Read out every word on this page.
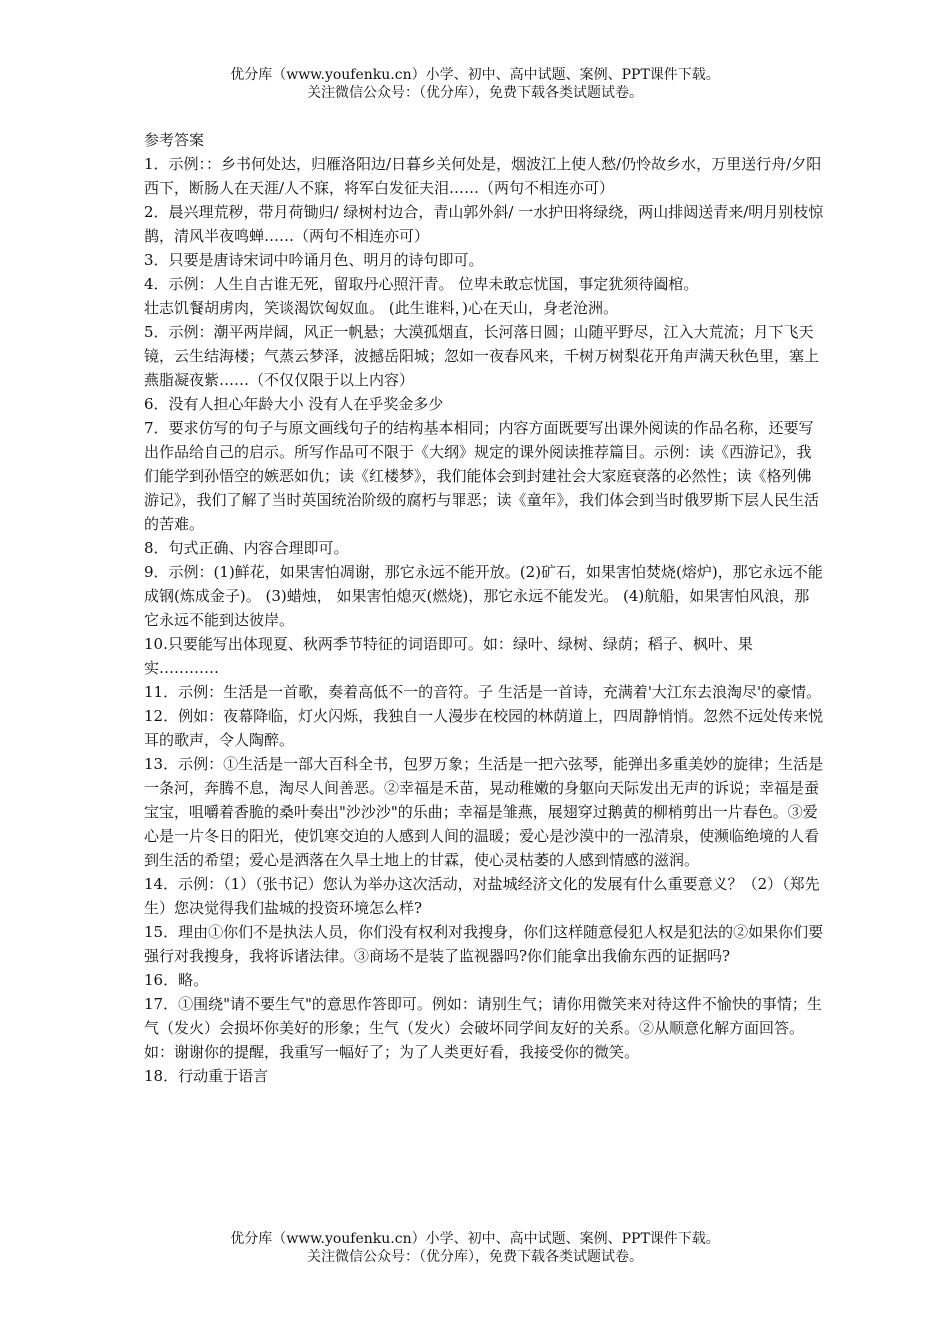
优分库（www.youfenku.cn）小学、初中、高中试题、案例、PPT课件下载。
关注微信公众号：（优分库），免费下载各类试题试卷。

参考答案

1．示例：：乡书何处达，归雁洛阳边/日暮乡关何处是，烟波江上使人愁/仍怜故乡水，万里送行舟/夕阳西下，断肠人在天涯/人不寐，将军白发征夫泪……（两句不相连亦可）

2．晨兴理荒秽，带月荷锄归/ 绿树村边合，青山郭外斜/ 一水护田将绿绕，两山排闼送青来/明月别枝惊鹊，清风半夜鸣蝉……（两句不相连亦可）

3．只要是唐诗宋词中吟诵月色、明月的诗句即可。

4．示例：人生自古谁无死，留取丹心照汗青。 位卑未敢忘忧国，事定犹须待阖棺。

壮志饥餐胡虏肉，笑谈渴饮匈奴血。 (此生谁料，)心在天山，身老沧洲。

5．示例：潮平两岸阔，风正一帆悬；大漠孤烟直，长河落日圆；山随平野尽，江入大荒流；月下飞天镜，云生结海楼；气蒸云梦泽，波撼岳阳城；忽如一夜春风来，千树万树梨花开角声满天秋色里，塞上燕脂凝夜紫……（不仅仅限于以上内容）

6．没有人担心年龄大小 没有人在乎奖金多少

7．要求仿写的句子与原文画线句子的结构基本相同；内容方面既要写出课外阅读的作品名称，还要写出作品给自己的启示。所写作品可不限于《大纲》规定的课外阅读推荐篇目。示例：读《西游记》，我们能学到孙悟空的嫉恶如仇；读《红楼梦》，我们能体会到封建社会大家庭衰落的必然性；读《格列佛游记》，我们了解了当时英国统治阶级的腐朽与罪恶；读《童年》，我们体会到当时俄罗斯下层人民生活的苦难。

8．句式正确、内容合理即可。

9．示例：(1)鲜花，如果害怕凋谢，那它永远不能开放。(2)矿石，如果害怕焚烧(熔炉)，那它永远不能成钢(炼成金子)。 (3)蜡烛， 如果害怕熄灭(燃烧)，那它永远不能发光。 (4)航船，如果害怕风浪，那它永远不能到达彼岸。

10.只要能写出体现夏、秋两季节特征的词语即可。如：绿叶、绿树、绿荫；稻子、枫叶、果实…………

11．示例：生活是一首歌，奏着高低不一的音符。子 生活是一首诗，充满着'大江东去浪淘尽'的豪情。

12．例如：夜幕降临，灯火闪烁，我独自一人漫步在校园的林荫道上，四周静悄悄。忽然不远处传来悦耳的歌声，令人陶醉。

13．示例：①生活是一部大百科全书，包罗万象；生活是一把六弦琴，能弹出多重美妙的旋律；生活是一条河，奔腾不息，淘尽人间善恶。②幸福是禾苗，晃动稚嫩的身躯向天际发出无声的诉说；幸福是蚕宝宝，咀嚼着香脆的桑叶奏出"沙沙沙"的乐曲；幸福是雏燕，展翅穿过鹅黄的柳梢剪出一片春色。③爱心是一片冬日的阳光，使饥寒交迫的人感到人间的温暖；爱心是沙漠中的一泓清泉，使濒临绝境的人看到生活的希望；爱心是洒落在久旱土地上的甘霖，使心灵枯萎的人感到情感的滋润。

14．示例：（1）（张书记）您认为举办这次活动，对盐城经济文化的发展有什么重要意义？（2）（郑先生）您决觉得我们盐城的投资环境怎么样?

15．理由①你们不是执法人员，你们没有权利对我搜身，你们这样随意侵犯人权是犯法的②如果你们要强行对我搜身，我将诉诸法律。③商场不是装了监视器吗?你们能拿出我偷东西的证据吗?

16．略。

17．①围绕"请不要生气"的意思作答即可。例如：请别生气；请你用微笑来对待这件不愉快的事情；生气（发火）会损坏你美好的形象；生气（发火）会破坏同学间友好的关系。②从顺意化解方面回答。如：谢谢你的提醒，我重写一幅好了；为了人类更好看，我接受你的微笑。

18．行动重于语言

优分库（www.youfenku.cn）小学、初中、高中试题、案例、PPT课件下载。
关注微信公众号：（优分库），免费下载各类试题试卷。
